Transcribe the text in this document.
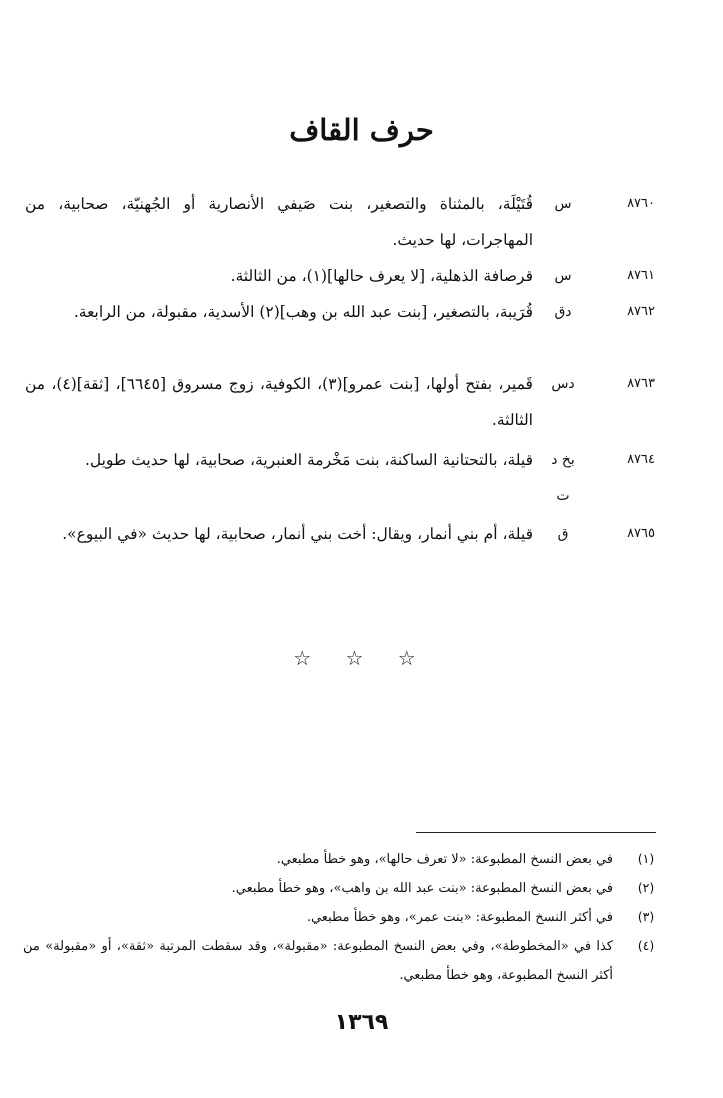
حرف القاف
٨٧٦٠
س
قُتَيْلَة، بالمثناة والتصغير، بنت صَيفي الأنصارية أو الجُهنيّة، صحابية، من المهاجرات، لها حديث.
٨٧٦١
س
قرصافة الذهلية، [لا يعرف حالها](١)، من الثالثة.
٨٧٦٢
دق
قُرَيبة، بالتصغير، [بنت عبد الله بن وهب](٢) الأسدية، مقبولة، من الرابعة.
٨٧٦٣
دس
قَمير، بفتح أولها، [بنت عمرو](٣)، الكوفية، زوج مسروق [٦٦٤٥]، [ثقة](٤)، من الثالثة.
٨٧٦٤
بخ د ت
قيلة، بالتحتانية الساكنة، بنت مَخْرمة العنبرية، صحابية، لها حديث طويل.
٨٧٦٥
ق
قيلة، أم بني أنمار، ويقال: أخت بني أنمار، صحابية، لها حديث «في البيوع».
☆ ☆ ☆
(١)
في بعض النسخ المطبوعة: «لا تعرف حالها»، وهو خطأ مطبعي.
(٢)
في بعض النسخ المطبوعة: «بنت عبد الله بن واهب»، وهو خطأ مطبعي.
(٣)
في أكثر النسخ المطبوعة: «بنت عمر»، وهو خطأ مطبعي.
(٤)
كذا في «المخطوطة»، وفي بعض النسخ المطبوعة: «مقبولة»، وقد سقطت المرتبة «ثقة»، أو «مقبولة» من أكثر النسخ المطبوعة، وهو خطأ مطبعي.
١٣٦٩
